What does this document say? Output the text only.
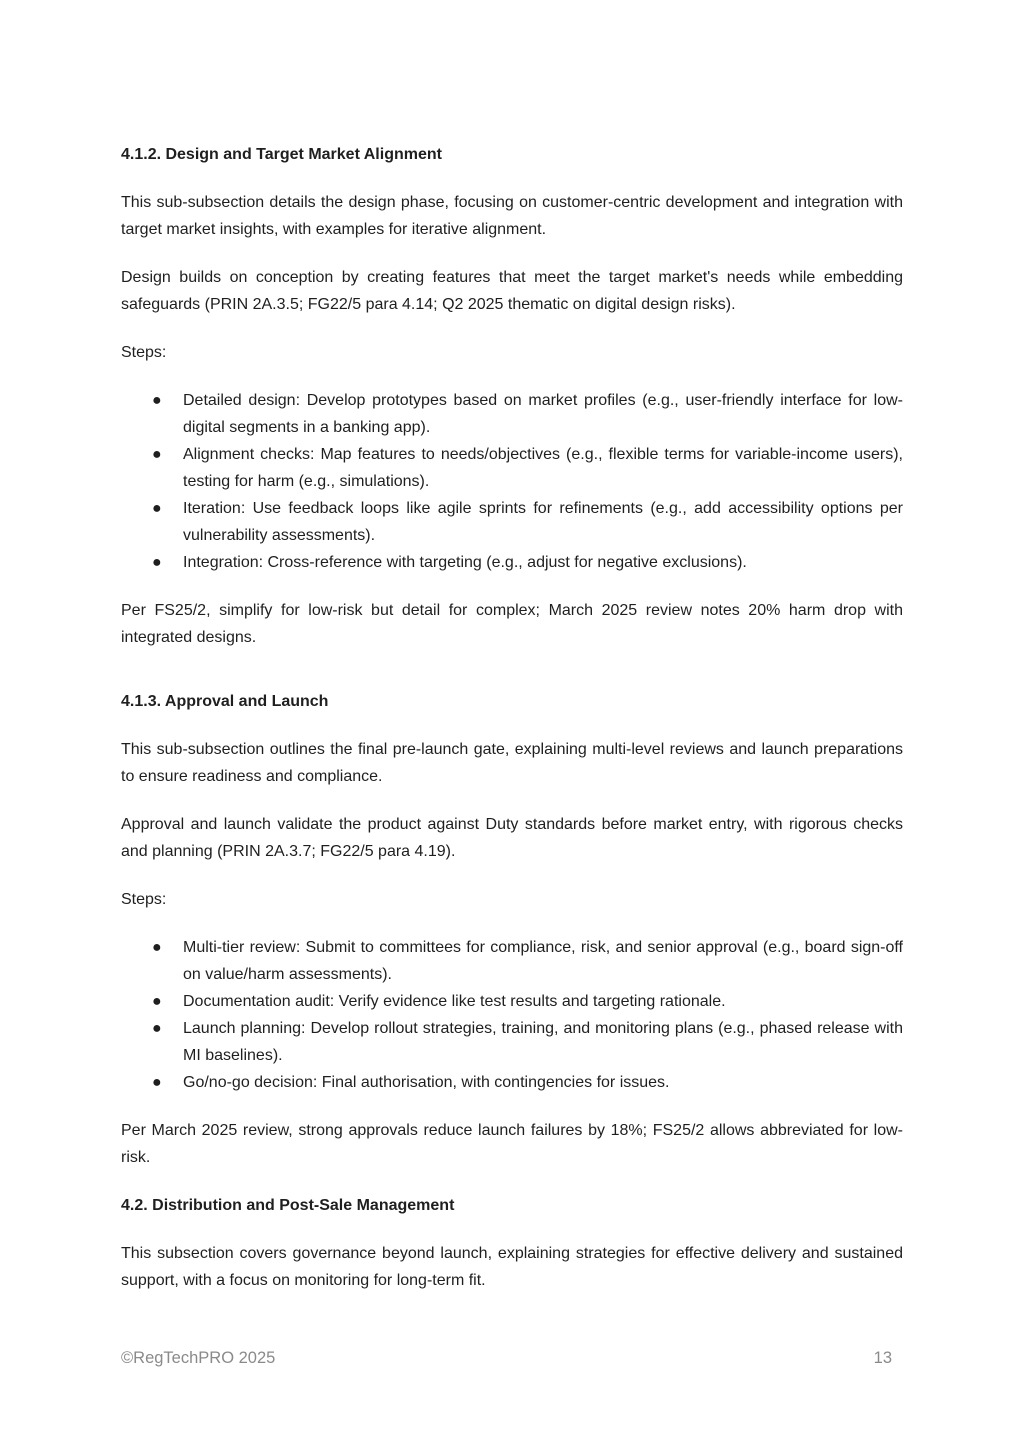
4.1.2. Design and Target Market Alignment

This sub-subsection details the design phase, focusing on customer-centric development and integration with target market insights, with examples for iterative alignment.

Design builds on conception by creating features that meet the target market's needs while embedding safeguards (PRIN 2A.3.5; FG22/5 para 4.14; Q2 2025 thematic on digital design risks).

Steps:

● Detailed design: Develop prototypes based on market profiles (e.g., user-friendly interface for low-digital segments in a banking app).
● Alignment checks: Map features to needs/objectives (e.g., flexible terms for variable-income users), testing for harm (e.g., simulations).
● Iteration: Use feedback loops like agile sprints for refinements (e.g., add accessibility options per vulnerability assessments).
● Integration: Cross-reference with targeting (e.g., adjust for negative exclusions).

Per FS25/2, simplify for low-risk but detail for complex; March 2025 review notes 20% harm drop with integrated designs.

4.1.3. Approval and Launch

This sub-subsection outlines the final pre-launch gate, explaining multi-level reviews and launch preparations to ensure readiness and compliance.

Approval and launch validate the product against Duty standards before market entry, with rigorous checks and planning (PRIN 2A.3.7; FG22/5 para 4.19).

Steps:

● Multi-tier review: Submit to committees for compliance, risk, and senior approval (e.g., board sign-off on value/harm assessments).
● Documentation audit: Verify evidence like test results and targeting rationale.
● Launch planning: Develop rollout strategies, training, and monitoring plans (e.g., phased release with MI baselines).
● Go/no-go decision: Final authorisation, with contingencies for issues.

Per March 2025 review, strong approvals reduce launch failures by 18%; FS25/2 allows abbreviated for low-risk.

4.2. Distribution and Post-Sale Management

This subsection covers governance beyond launch, explaining strategies for effective delivery and sustained support, with a focus on monitoring for long-term fit.

©RegTechPRO 2025	13
